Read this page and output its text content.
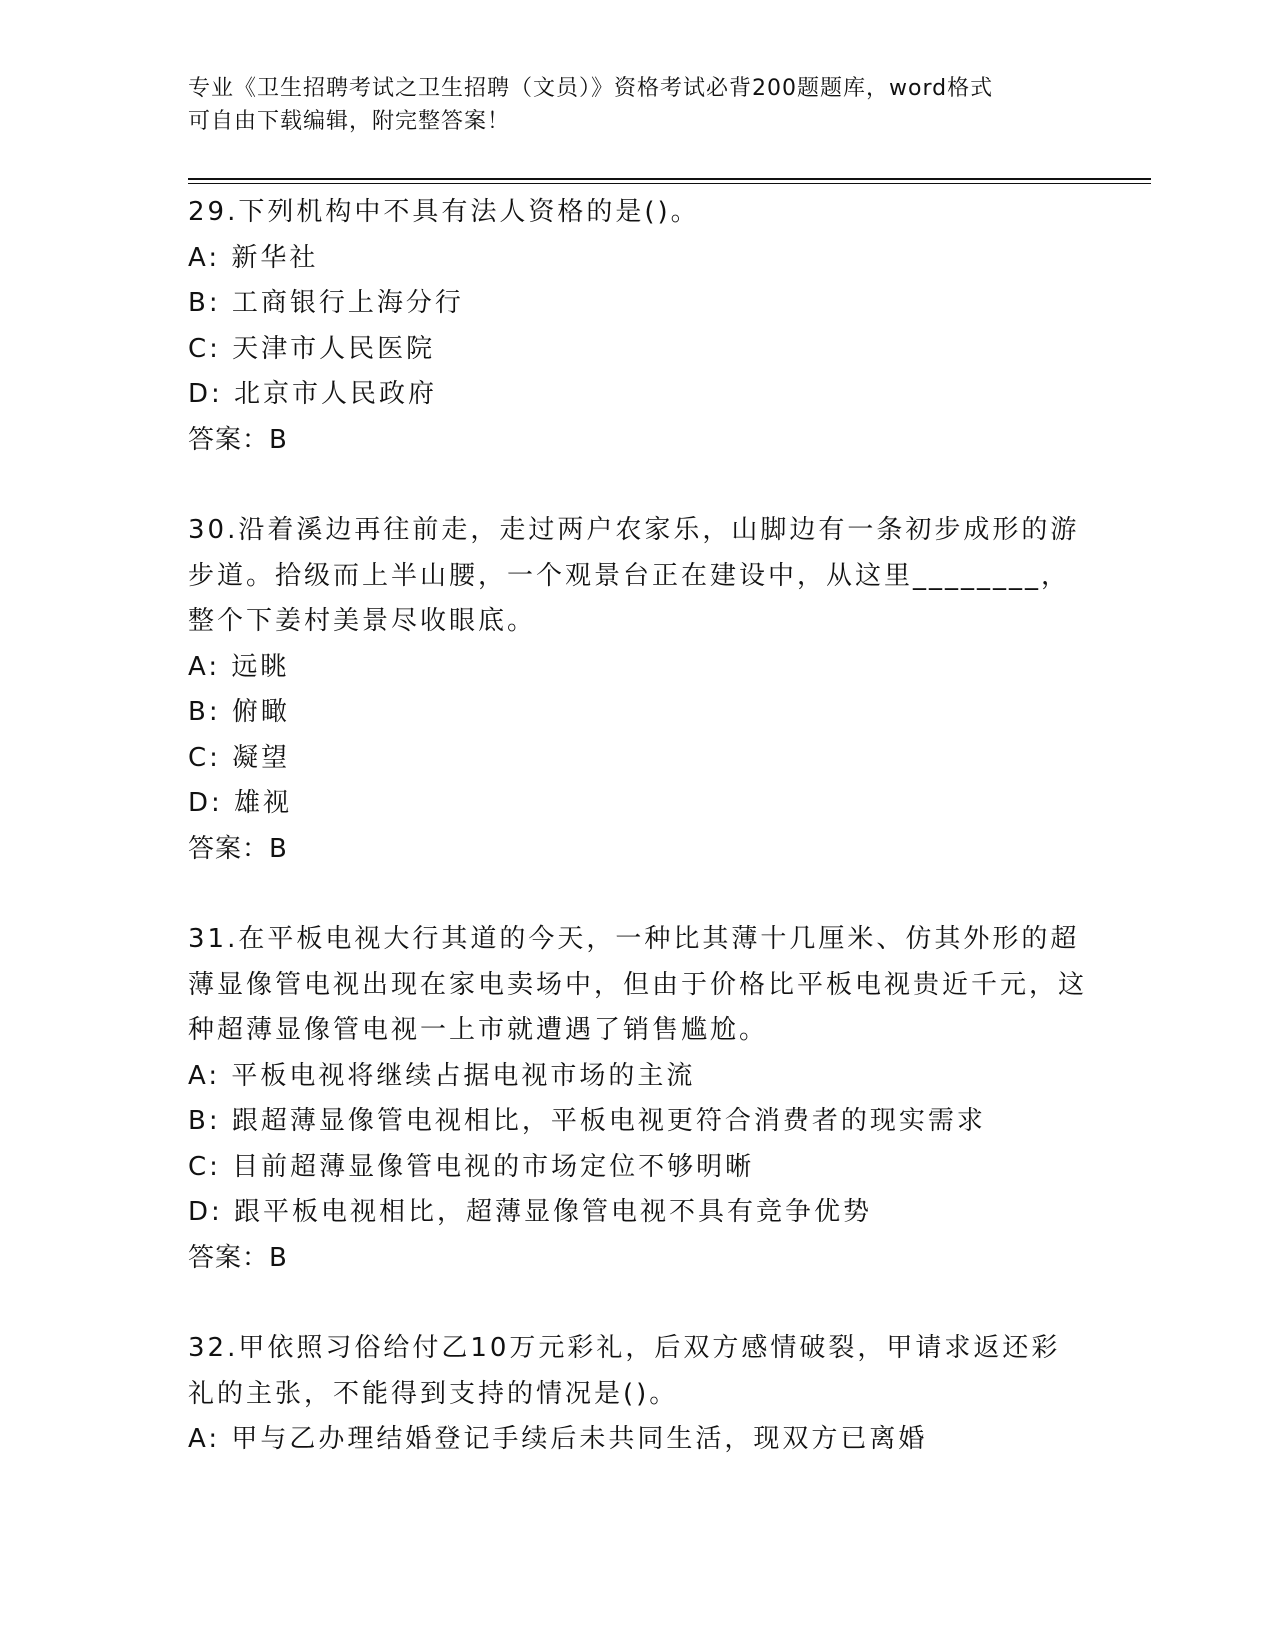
专业《卫生招聘考试之卫生招聘（文员）》资格考试必背200题题库，word格式
可自由下载编辑，附完整答案！

29.下列机构中不具有法人资格的是()。

A: 新华社

B: 工商银行上海分行

C: 天津市人民医院

D: 北京市人民政府

答案：B

30.沿着溪边再往前走，走过两户农家乐，山脚边有一条初步成形的游步道。拾级而上半山腰，一个观景台正在建设中，从这里________，整个下姜村美景尽收眼底。

A: 远眺

B: 俯瞰

C: 凝望

D: 雄视

答案：B

31.在平板电视大行其道的今天，一种比其薄十几厘米、仿其外形的超薄显像管电视出现在家电卖场中，但由于价格比平板电视贵近千元，这种超薄显像管电视一上市就遭遇了销售尴尬。

A: 平板电视将继续占据电视市场的主流

B: 跟超薄显像管电视相比，平板电视更符合消费者的现实需求

C: 目前超薄显像管电视的市场定位不够明晰

D: 跟平板电视相比，超薄显像管电视不具有竞争优势

答案：B

32.甲依照习俗给付乙10万元彩礼，后双方感情破裂，甲请求返还彩礼的主张，不能得到支持的情况是()。

A: 甲与乙办理结婚登记手续后未共同生活，现双方已离婚
